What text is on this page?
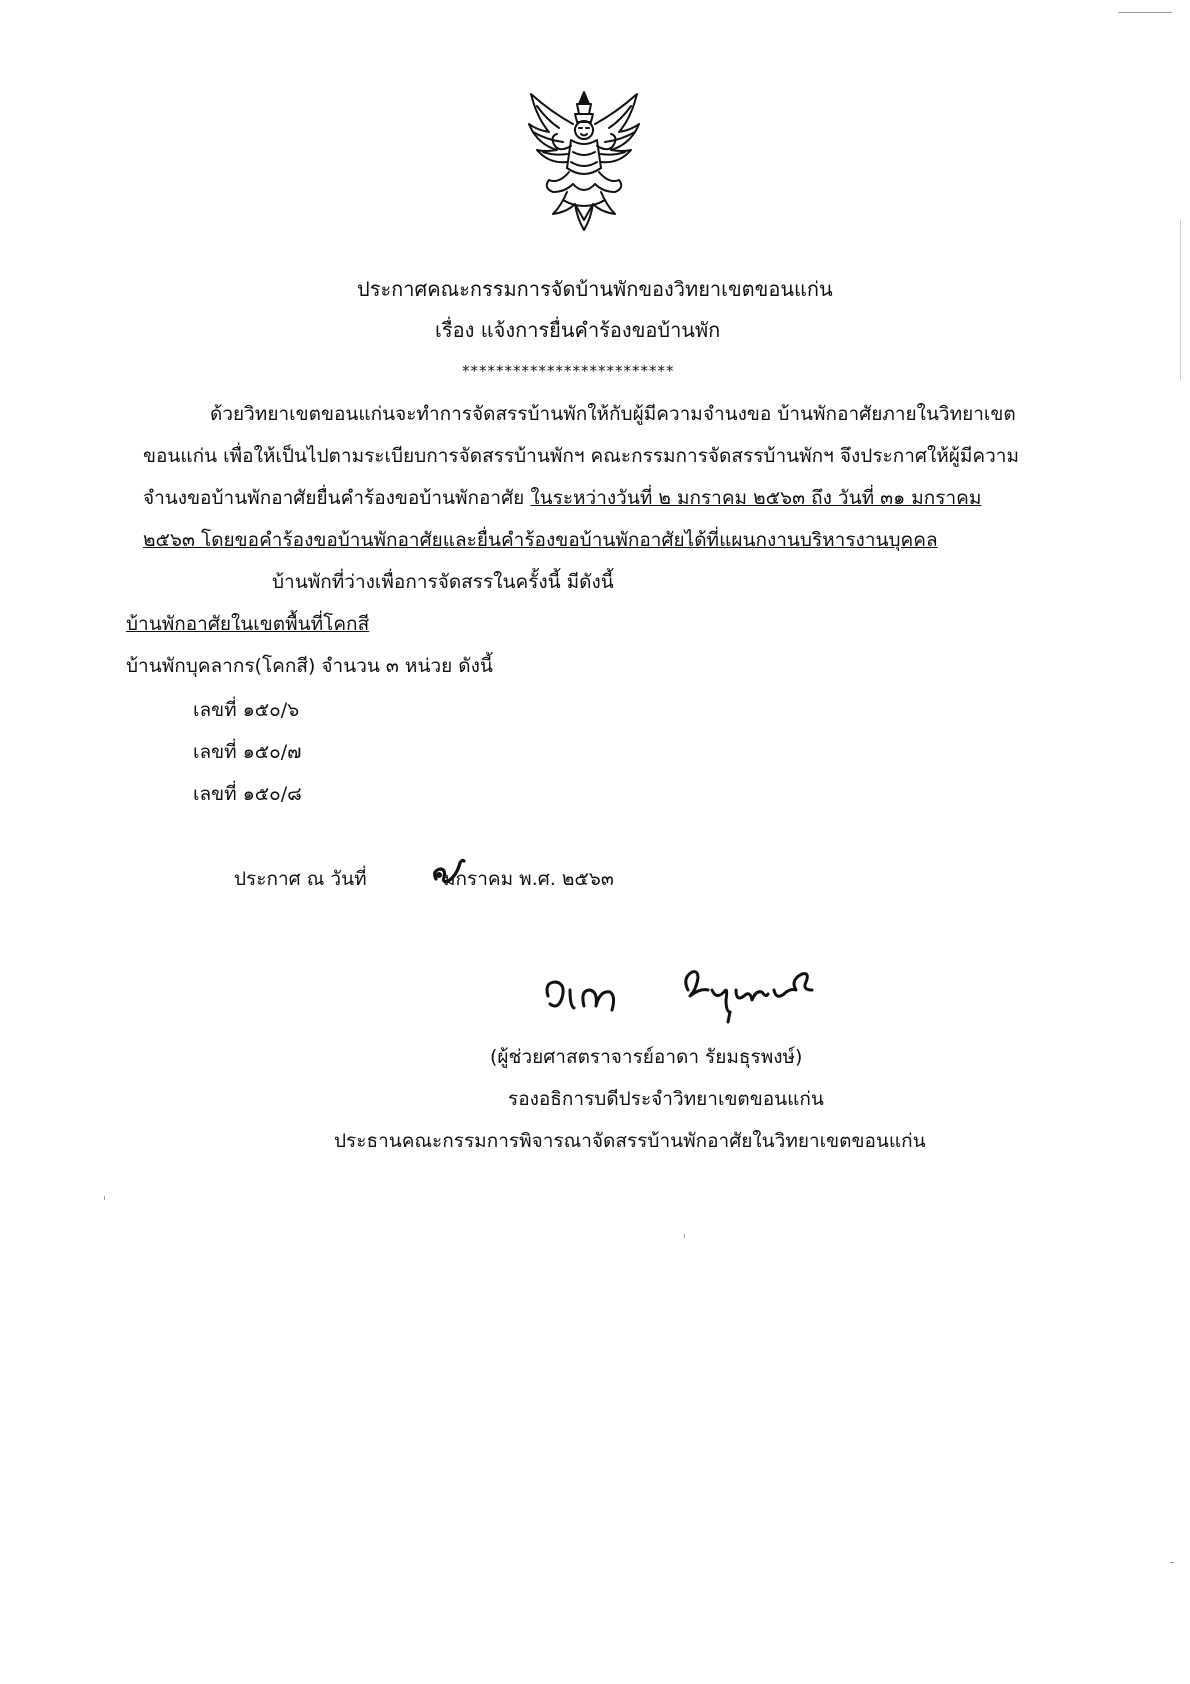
ประกาศคณะกรรมการจัดบ้านพักของวิทยาเขตขอนแก่น
เรื่อง แจ้งการยื่นคำร้องขอบ้านพัก
*************************
ด้วยวิทยาเขตขอนแก่นจะทำการจัดสรรบ้านพักให้กับผู้มีความจำนงขอ บ้านพักอาศัยภายในวิทยาเขต
ขอนแก่น เพื่อให้เป็นไปตามระเบียบการจัดสรรบ้านพักฯ คณะกรรมการจัดสรรบ้านพักฯ จึงประกาศให้ผู้มีความ
จำนงขอบ้านพักอาศัยยื่นคำร้องขอบ้านพักอาศัย ในระหว่างวันที่ ๒ มกราคม ๒๕๖๓ ถึง วันที่ ๓๑ มกราคม
๒๕๖๓ โดยขอคำร้องขอบ้านพักอาศัยและยื่นคำร้องขอบ้านพักอาศัยได้ที่แผนกงานบริหารงานบุคคล
บ้านพักที่ว่างเพื่อการจัดสรรในครั้งนี้ มีดังนี้
บ้านพักอาศัยในเขตพื้นที่โคกสี
บ้านพักบุคลากร(โคกสี) จำนวน ๓ หน่วย ดังนี้
เลขที่ ๑๕๐/๖
เลขที่ ๑๕๐/๗
เลขที่ ๑๕๐/๘
ประกาศ ณ วันที่	มกราคม พ.ศ. ๒๕๖๓
(ผู้ช่วยศาสตราจารย์อาดา รัยมธุรพงษ์)
รองอธิการบดีประจำวิทยาเขตขอนแก่น
ประธานคณะกรรมการพิจารณาจัดสรรบ้านพักอาศัยในวิทยาเขตขอนแก่น
